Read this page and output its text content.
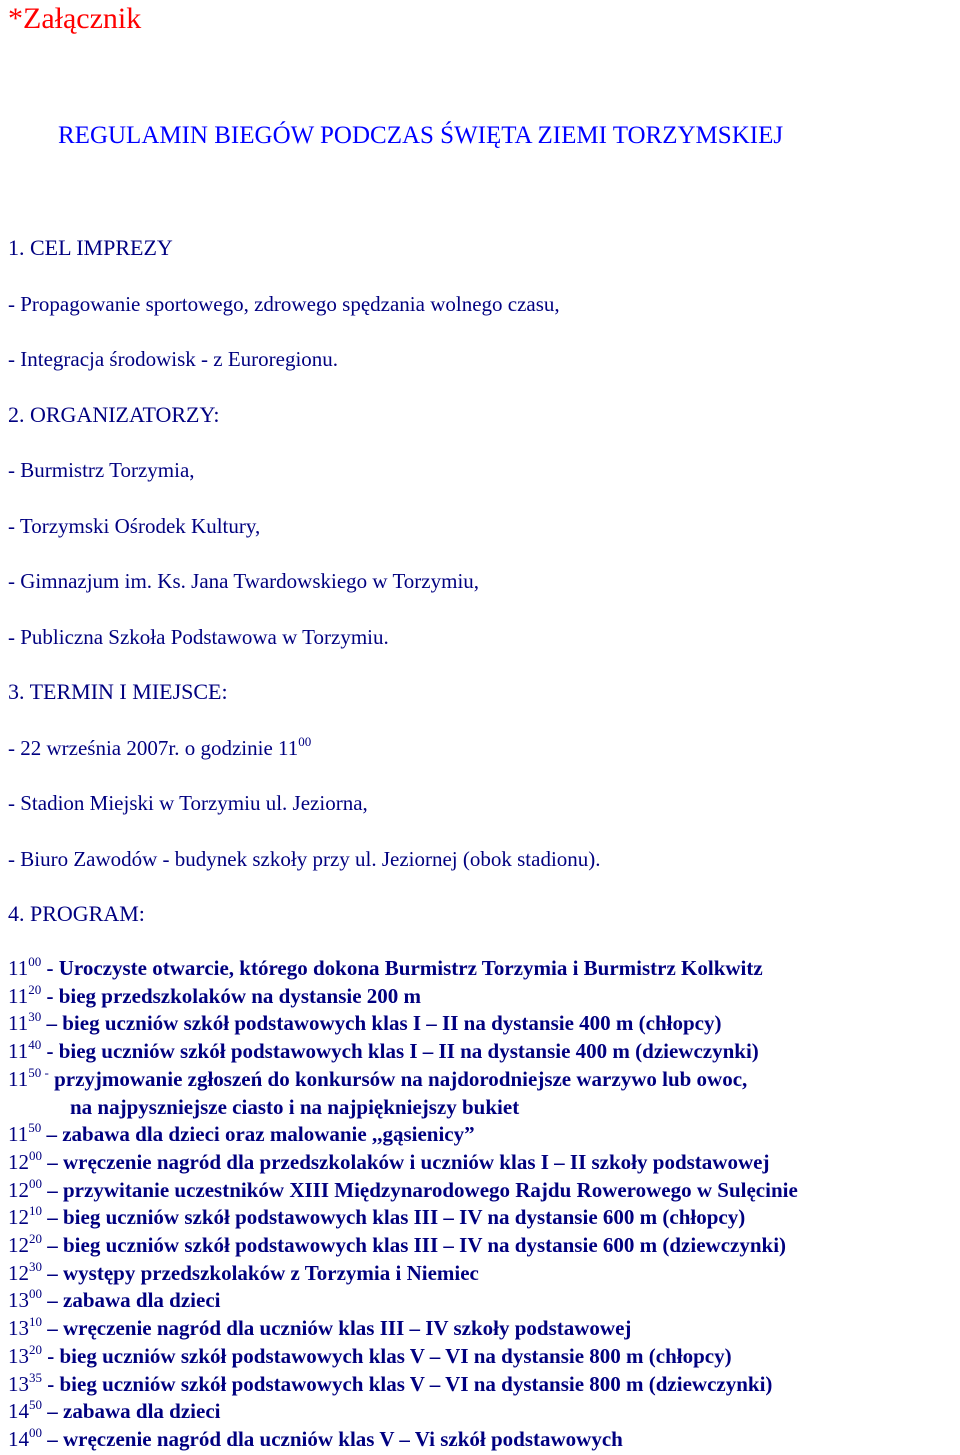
*Załącznik
REGULAMIN BIEGÓW PODCZAS ŚWIĘTA ZIEMI TORZYMSKIEJ
1. CEL IMPREZY
- Propagowanie sportowego, zdrowego spędzania wolnego czasu,
- Integracja środowisk - z Euroregionu.
2. ORGANIZATORZY:
- Burmistrz Torzymia,
- Torzymski Ośrodek Kultury,
- Gimnazjum im. Ks. Jana Twardowskiego w Torzymiu,
- Publiczna Szkoła Podstawowa w Torzymiu.
3. TERMIN I MIEJSCE:
- 22 września 2007r. o godzinie $11^{00}$
- Stadion Miejski w Torzymiu ul. Jeziorna,
- Biuro Zawodów - budynek szkoły przy ul. Jeziornej (obok stadionu).
4. PROGRAM:
$11^{00}$ - Uroczyste otwarcie, którego dokona Burmistrz Torzymia i Burmistrz Kolkwitz
$11^{20}$ - bieg przedszkolaków na dystansie 200 m
$11^{30}$ – bieg uczniów szkół podstawowych klas I – II na dystansie 400 m (chłopcy)
$11^{40}$ - bieg uczniów szkół podstawowych klas I – II na dystansie 400 m (dziewczynki)
$11^{50 -}$ przyjmowanie zgłoszeń do konkursów na najdorodniejsze warzywo lub owoc,
na najpyszniejsze ciasto i na najpiękniejszy bukiet
$11^{50}$ – zabawa dla dzieci oraz malowanie ,,gąsienicy”
$12^{00}$ – wręczenie nagród dla przedszkolaków i uczniów klas I – II szkoły podstawowej
$12^{00}$ – przywitanie uczestników XIII Międzynarodowego Rajdu Rowerowego w Sulęcinie
$12^{10}$ – bieg uczniów szkół podstawowych klas III – IV na dystansie 600 m (chłopcy)
$12^{20}$ – bieg uczniów szkół podstawowych klas III – IV na dystansie 600 m (dziewczynki)
$12^{30}$ – występy przedszkolaków z Torzymia i Niemiec
$13^{00}$ – zabawa dla dzieci
$13^{10}$ – wręczenie nagród dla uczniów klas III – IV szkoły podstawowej
$13^{20}$ - bieg uczniów szkół podstawowych klas V – VI na dystansie 800 m (chłopcy)
$13^{35}$ - bieg uczniów szkół podstawowych klas V – VI na dystansie 800 m (dziewczynki)
$14^{50}$ – zabawa dla dzieci
$14^{00}$ – wręczenie nagród dla uczniów klas V – Vi szkół podstawowych
